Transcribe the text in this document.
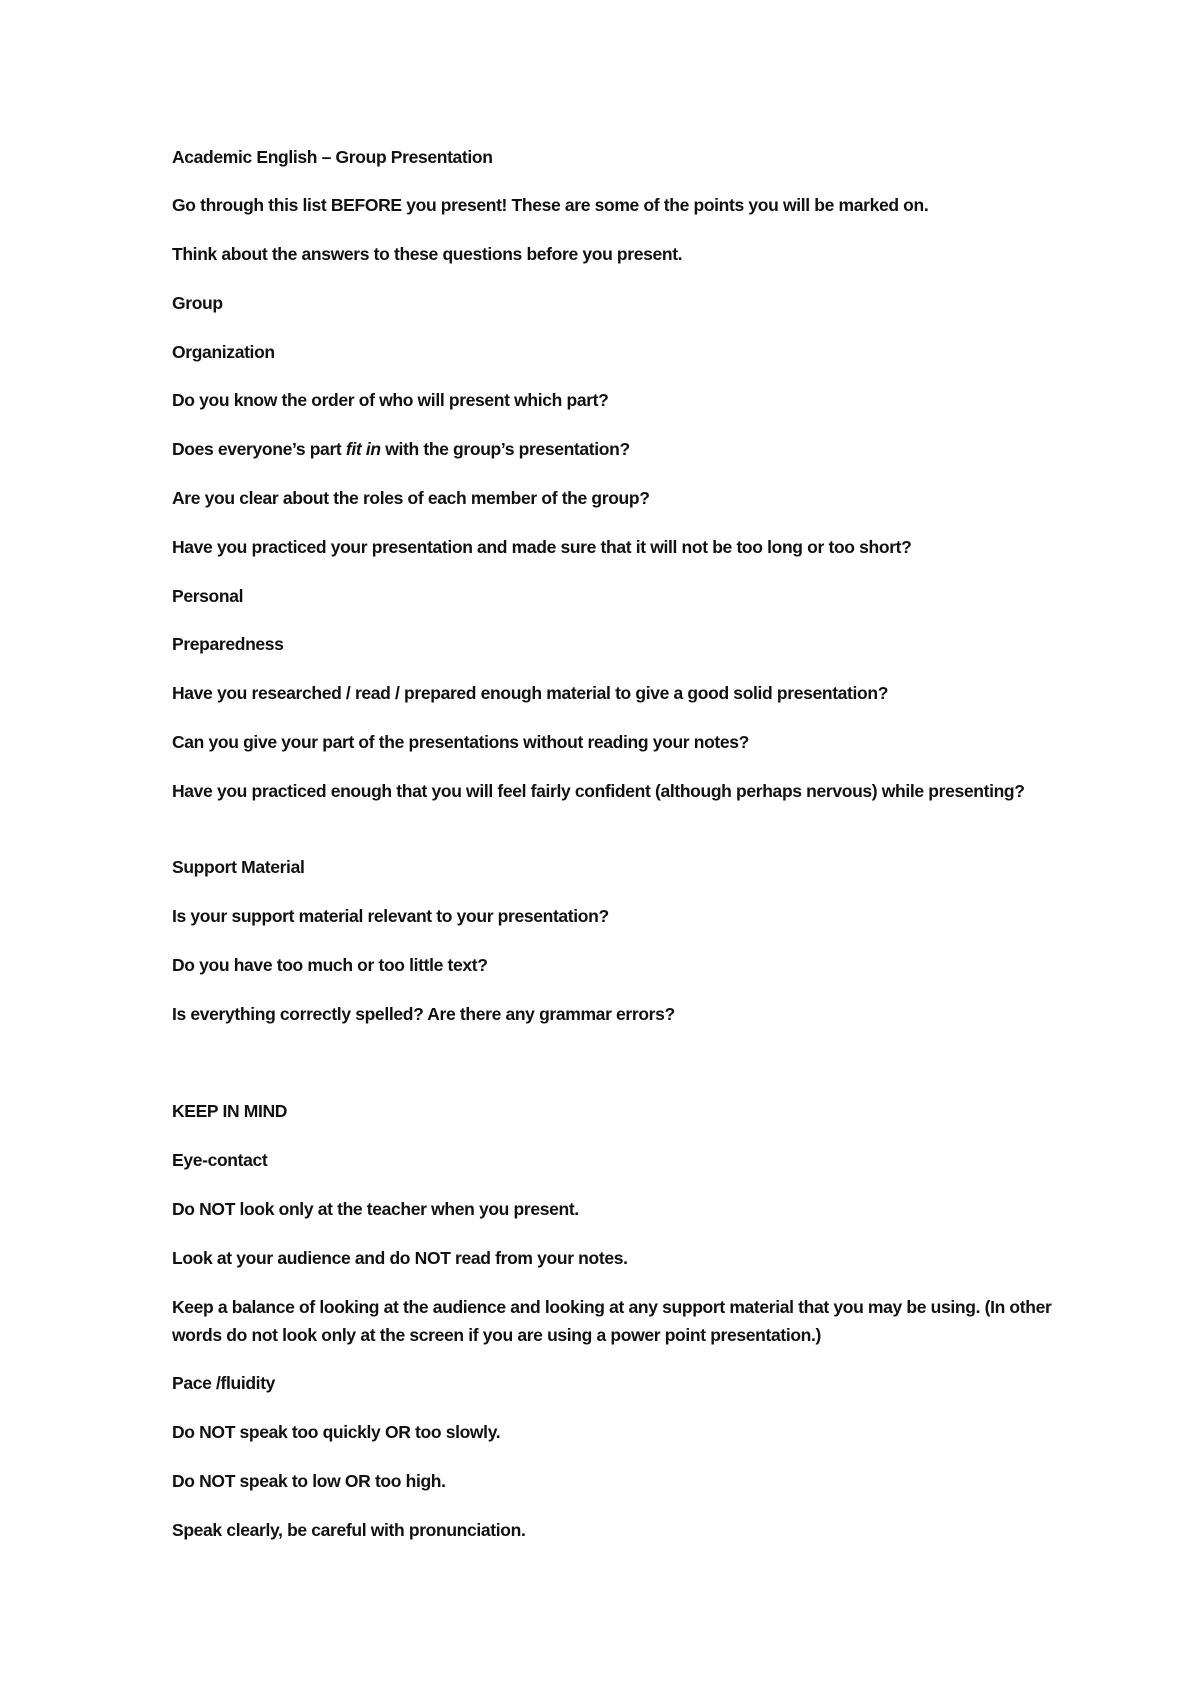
Academic English – Group Presentation

Go through this list BEFORE you present! These are some of the points you will be marked on.

Think about the answers to these questions before you present.

Group

Organization

Do you know the order of who will present which part?

Does everyone’s part fit in with the group’s presentation?

Are you clear about the roles of each member of the group?

Have you practiced your presentation and made sure that it will not be too long or too short?

Personal

Preparedness

Have you researched / read / prepared enough material to give a good solid presentation?

Can you give your part of the presentations without reading your notes?

Have you practiced enough that you will feel fairly confident (although perhaps nervous) while presenting?

Support Material

Is your support material relevant to your presentation?

Do you have too much or too little text?

Is everything correctly spelled? Are there any grammar errors?

KEEP IN MIND

Eye-contact

Do NOT look only at the teacher when you present.

Look at your audience and do NOT read from your notes.

Keep a balance of looking at the audience and looking at any support material that you may be using. (In other words do not look only at the screen if you are using a power point presentation.)

Pace /fluidity

Do NOT speak too quickly OR too slowly.

Do NOT speak to low OR too high.

Speak clearly, be careful with pronunciation.
